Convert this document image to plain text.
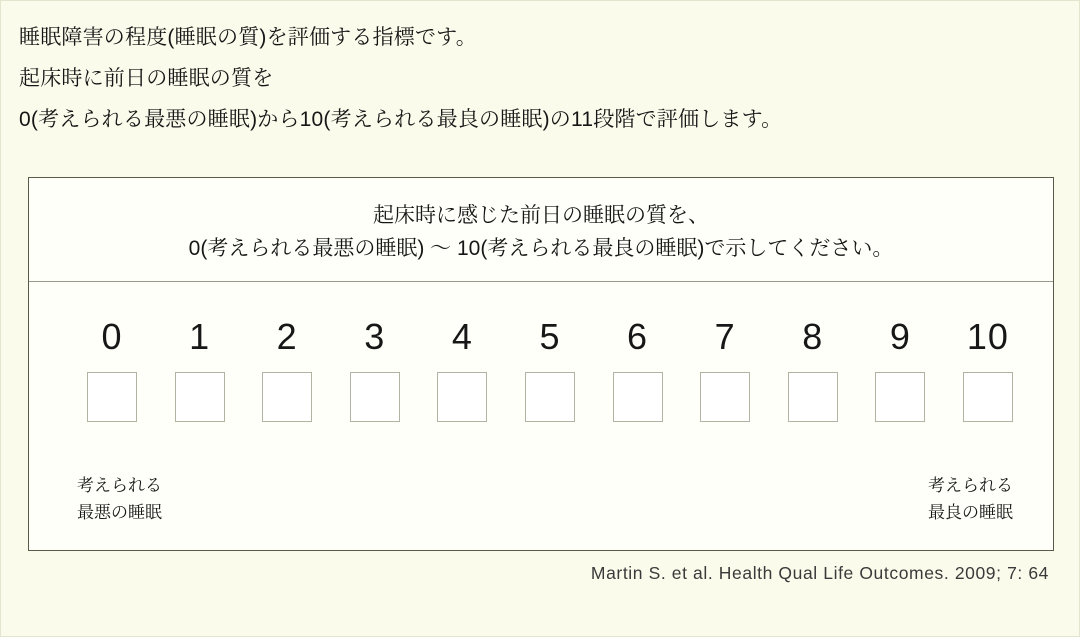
睡眠障害の程度(睡眠の質)を評価する指標です。
起床時に前日の睡眠の質を
0(考えられる最悪の睡眠)から10(考えられる最良の睡眠)の11段階で評価します。
起床時に感じた前日の睡眠の質を、
0(考えられる最悪の睡眠) ～ 10(考えられる最良の睡眠)で示してください。
0 1 2 3 4 5 6 7 8 9 10
考えられる
最悪の睡眠
考えられる
最良の睡眠
Martin S. et al. Health Qual Life Outcomes. 2009; 7: 64
